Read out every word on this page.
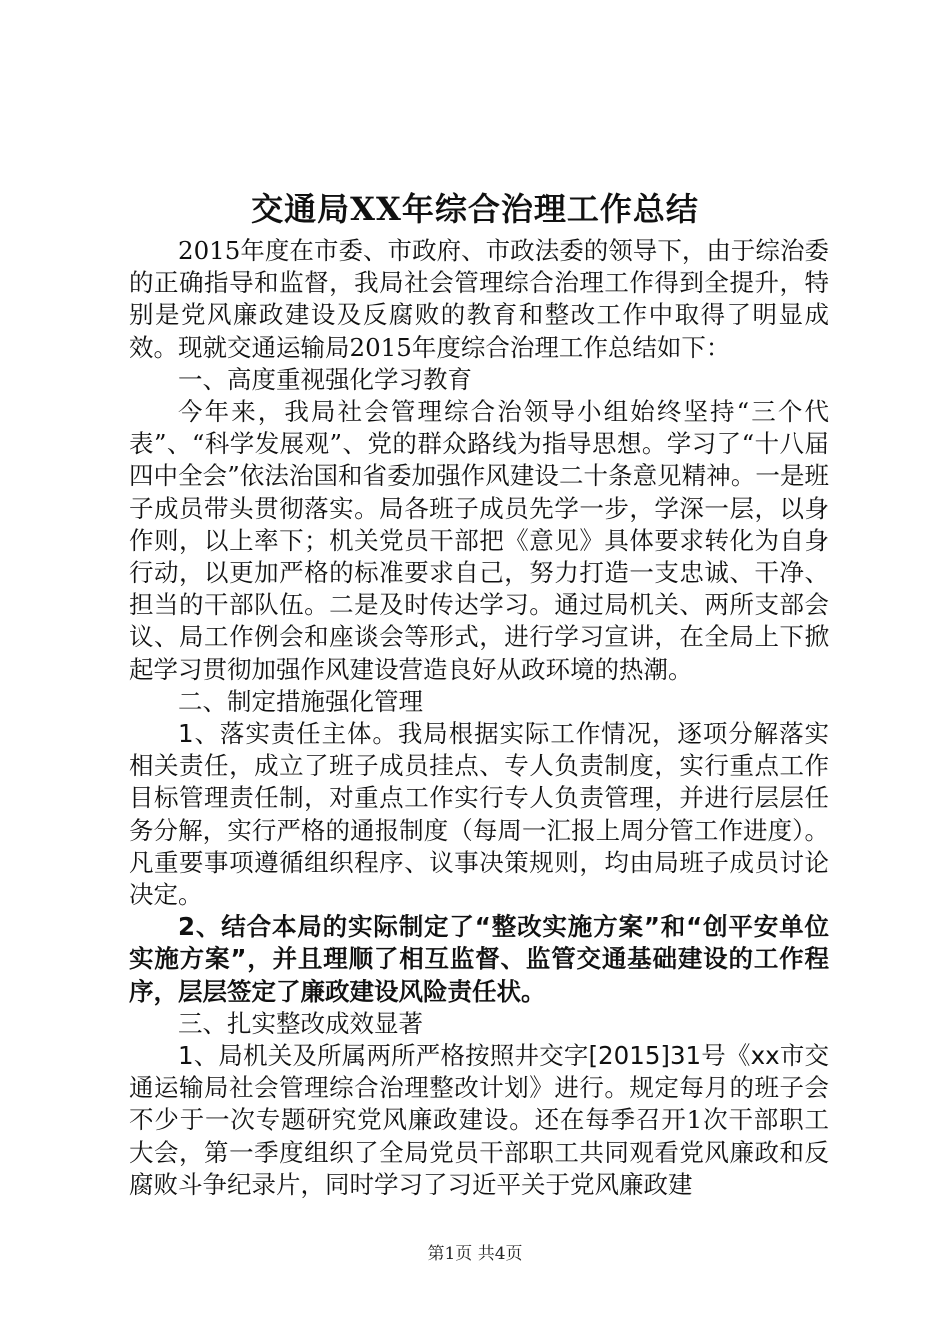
交通局XX年综合治理工作总结

2015年度在市委、市政府、市政法委的领导下，由于综治委的正确指导和监督，我局社会管理综合治理工作得到全提升，特别是党风廉政建设及反腐败的教育和整改工作中取得了明显成效。现就交通运输局2015年度综合治理工作总结如下：

一、高度重视强化学习教育

今年来，我局社会管理综合治领导小组始终坚持“三个代表”、“科学发展观”、党的群众路线为指导思想。学习了“十八届四中全会”依法治国和省委加强作风建设二十条意见精神。一是班子成员带头贯彻落实。局各班子成员先学一步，学深一层，以身作则，以上率下；机关党员干部把《意见》具体要求转化为自身行动，以更加严格的标准要求自己，努力打造一支忠诚、干净、担当的干部队伍。二是及时传达学习。通过局机关、两所支部会议、局工作例会和座谈会等形式，进行学习宣讲，在全局上下掀起学习贯彻加强作风建设营造良好从政环境的热潮。

二、制定措施强化管理

1、落实责任主体。我局根据实际工作情况，逐项分解落实相关责任，成立了班子成员挂点、专人负责制度，实行重点工作目标管理责任制，对重点工作实行专人负责管理，并进行层层任务分解，实行严格的通报制度（每周一汇报上周分管工作进度）。凡重要事项遵循组织程序、议事决策规则，均由局班子成员讨论决定。

2、结合本局的实际制定了“整改实施方案”和“创平安单位实施方案”，并且理顺了相互监督、监管交通基础建设的工作程序，层层签定了廉政建设风险责任状。

三、扎实整改成效显著

1、局机关及所属两所严格按照井交字[2015]31号《xx市交通运输局社会管理综合治理整改计划》进行。规定每月的班子会不少于一次专题研究党风廉政建设。还在每季召开1次干部职工大会，第一季度组织了全局党员干部职工共同观看党风廉政和反腐败斗争纪录片，同时学习了习近平关于党风廉政建

第1页 共4页
